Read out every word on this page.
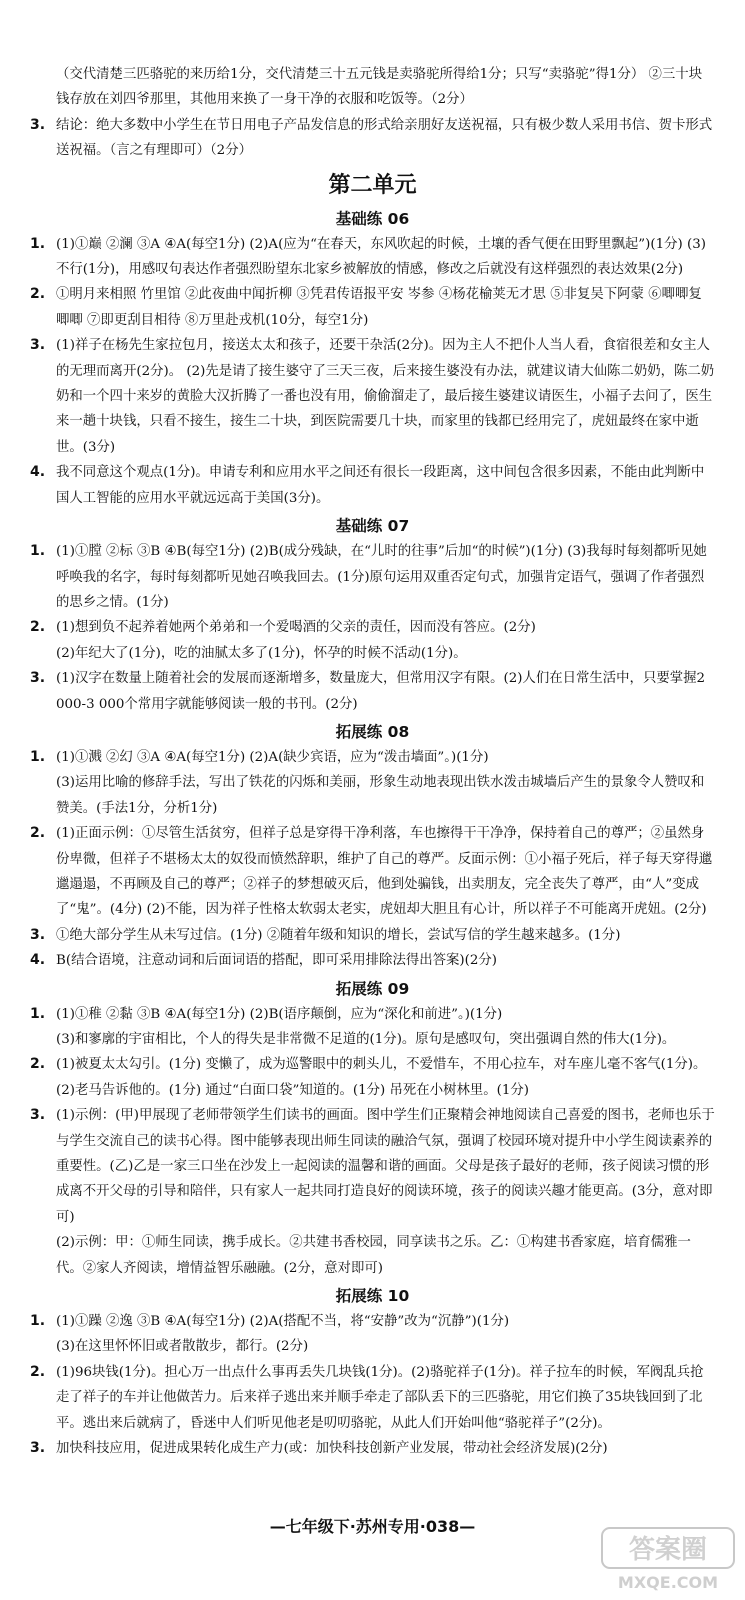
（交代清楚三匹骆驼的来历给1分，交代清楚三十五元钱是卖骆驼所得给1分；只写“卖骆驼”得1分） ②三十块钱存放在刘四爷那里，其他用来换了一身干净的衣服和吃饭等。（2分）
3. 结论：绝大多数中小学生在节日用电子产品发信息的形式给亲朋好友送祝福，只有极少数人采用书信、贺卡形式送祝福。（言之有理即可）（2分）
第二单元
基础练 06
1. (1)①巅 ②澜 ③A ④A(每空1分) (2)A(应为“在春天，东风吹起的时候，土壤的香气便在田野里飘起”)(1分) (3)不行(1分)，用感叹句表达作者强烈盼望东北家乡被解放的情感，修改之后就没有这样强烈的表达效果(2分)
2. ①明月来相照 竹里馆 ②此夜曲中闻折柳 ③凭君传语报平安 岑参 ④杨花榆荚无才思 ⑤非复吴下阿蒙 ⑥唧唧复唧唧 ⑦即更刮目相待 ⑧万里赴戎机(10分，每空1分)
3. (1)祥子在杨先生家拉包月，接送太太和孩子，还要干杂活(2分)。因为主人不把仆人当人看，食宿很差和女主人的无理而离开(2分)。 (2)先是请了接生婆守了三天三夜，后来接生婆没有办法，就建议请大仙陈二奶奶，陈二奶奶和一个四十来岁的黄脸大汉折腾了一番也没有用，偷偷溜走了，最后接生婆建议请医生，小福子去问了，医生来一趟十块钱，只看不接生，接生二十块，到医院需要几十块，而家里的钱都已经用完了，虎妞最终在家中逝世。(3分)
4. 我不同意这个观点(1分)。申请专利和应用水平之间还有很长一段距离，这中间包含很多因素，不能由此判断中国人工智能的应用水平就远远高于美国(3分)。
基础练 07
1. (1)①膛 ②标 ③B ④B(每空1分) (2)B(成分残缺，在“儿时的往事”后加“的时候”)(1分) (3)我每时每刻都听见她呼唤我的名字，每时每刻都听见她召唤我回去。(1分)原句运用双重否定句式，加强肯定语气，强调了作者强烈的思乡之情。(1分)
2. (1)想到负不起养着她两个弟弟和一个爱喝酒的父亲的责任，因而没有答应。(2分)
(2)年纪大了(1分)，吃的油腻太多了(1分)，怀孕的时候不活动(1分)。
3. (1)汉字在数量上随着社会的发展而逐渐增多，数量庞大，但常用汉字有限。(2)人们在日常生活中，只要掌握2 000-3 000个常用字就能够阅读一般的书刊。(2分)
拓展练 08
1. (1)①溅 ②幻 ③A ④A(每空1分) (2)A(缺少宾语，应为“泼击墙面”。)(1分)
(3)运用比喻的修辞手法，写出了铁花的闪烁和美丽，形象生动地表现出铁水泼击城墙后产生的景象令人赞叹和赞美。(手法1分，分析1分)
2. (1)正面示例：①尽管生活贫穷，但祥子总是穿得干净利落，车也擦得干干净净，保持着自己的尊严；②虽然身份卑微，但祥子不堪杨太太的奴役而愤然辞职，维护了自己的尊严。反面示例：①小福子死后，祥子每天穿得邋邋遢遢，不再顾及自己的尊严；②祥子的梦想破灭后，他到处骗钱，出卖朋友，完全丧失了尊严，由“人”变成了“鬼”。(4分) (2)不能，因为祥子性格太软弱太老实，虎妞却大胆且有心计，所以祥子不可能离开虎妞。(2分)
3. ①绝大部分学生从未写过信。(1分) ②随着年级和知识的增长，尝试写信的学生越来越多。(1分)
4. B(结合语境，注意动词和后面词语的搭配，即可采用排除法得出答案)(2分)
拓展练 09
1. (1)①稚 ②黏 ③B ④A(每空1分) (2)B(语序颠倒，应为“深化和前进”。)(1分)
(3)和寥廓的宇宙相比，个人的得失是非常微不足道的(1分)。原句是感叹句，突出强调自然的伟大(1分)。
2. (1)被夏太太勾引。(1分) 变懒了，成为巡警眼中的刺头儿，不爱惜车，不用心拉车，对车座儿毫不客气(1分)。(2)老马告诉他的。(1分) 通过“白面口袋”知道的。(1分) 吊死在小树林里。(1分)
3. (1)示例：(甲)甲展现了老师带领学生们读书的画面。图中学生们正聚精会神地阅读自己喜爱的图书，老师也乐于与学生交流自己的读书心得。图中能够表现出师生同读的融洽气氛，强调了校园环境对提升中小学生阅读素养的重要性。(乙)乙是一家三口坐在沙发上一起阅读的温馨和谐的画面。父母是孩子最好的老师，孩子阅读习惯的形成离不开父母的引导和陪伴，只有家人一起共同打造良好的阅读环境，孩子的阅读兴趣才能更高。(3分，意对即可)
(2)示例：甲：①师生同读，携手成长。②共建书香校园，同享读书之乐。乙：①构建书香家庭，培育儒雅一代。②家人齐阅读，增情益智乐融融。(2分，意对即可)
拓展练 10
1. (1)①躁 ②逸 ③B ④A(每空1分) (2)A(搭配不当，将“安静”改为“沉静”)(1分)
(3)在这里怀怀旧或者散散步，都行。(2分)
2. (1)96块钱(1分)。担心万一出点什么事再丢失几块钱(1分)。(2)骆驼祥子(1分)。祥子拉车的时候，军阀乱兵抢走了祥子的车并让他做苦力。后来祥子逃出来并顺手牵走了部队丢下的三匹骆驼，用它们换了35块钱回到了北平。逃出来后就病了，昏迷中人们听见他老是叨叨骆驼，从此人们开始叫他“骆驼祥子”(2分)。
3. 加快科技应用，促进成果转化成生产力(或：加快科技创新产业发展，带动社会经济发展)(2分)
—七年级下·苏州专用·038—
答案圈
MXQE.COM
